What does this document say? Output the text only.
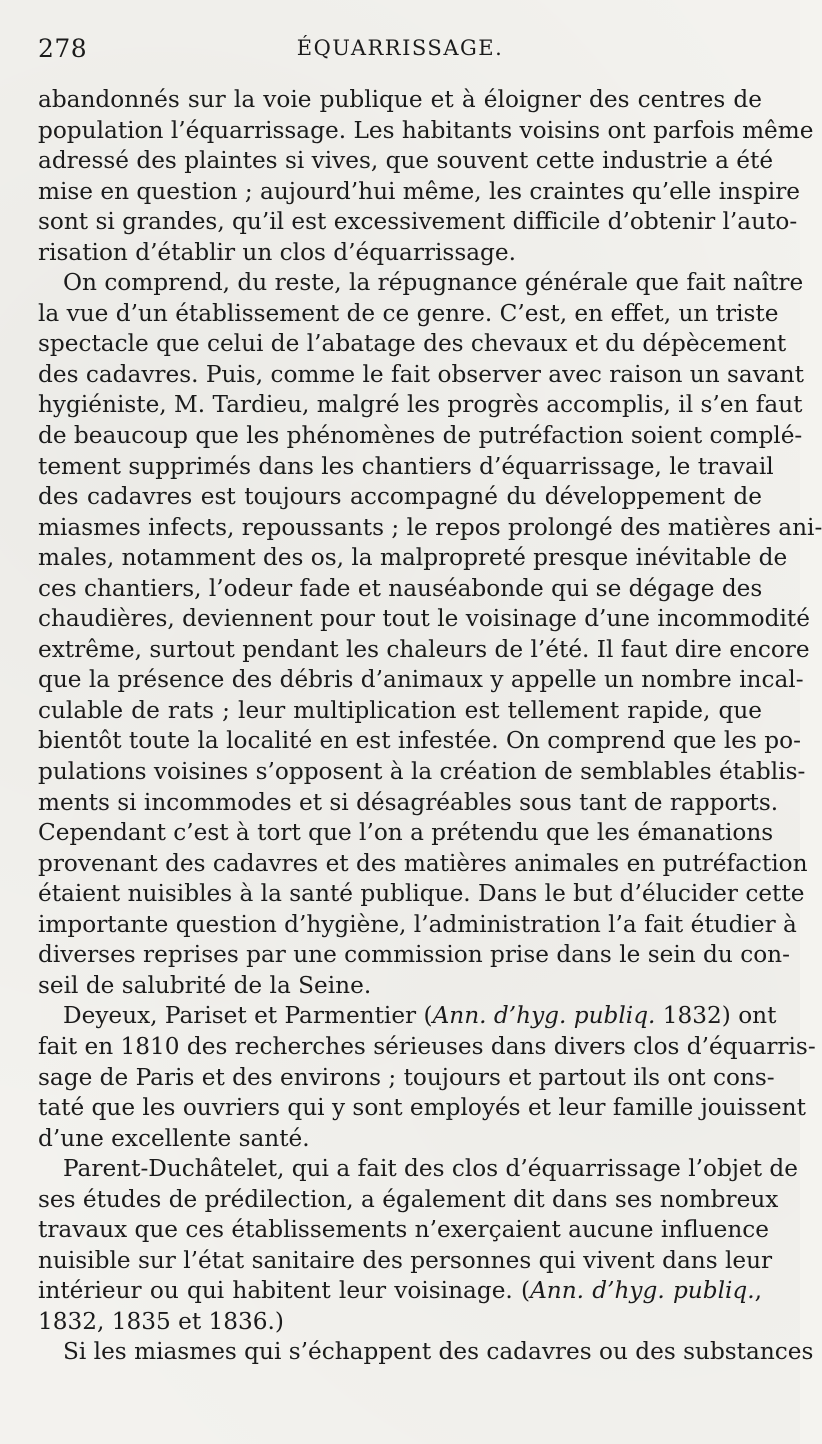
278	ÉQUARRISSAGE.
abandonnés sur la voie publique et à éloigner des centres de
population l’équarrissage. Les habitants voisins ont parfois même
adressé des plaintes si vives, que souvent cette industrie a été
mise en question ; aujourd’hui même, les craintes qu’elle inspire
sont si grandes, qu’il est excessivement difficile d’obtenir l’auto-
risation d’établir un clos d’équarrissage.
On comprend, du reste, la répugnance générale que fait naître
la vue d’un établissement de ce genre. C’est, en effet, un triste
spectacle que celui de l’abatage des chevaux et du dépècement
des cadavres. Puis, comme le fait observer avec raison un savant
hygiéniste, M. Tardieu, malgré les progrès accomplis, il s’en faut
de beaucoup que les phénomènes de putréfaction soient complé-
tement supprimés dans les chantiers d’équarrissage, le travail
des cadavres est toujours accompagné du développement de
miasmes infects, repoussants ; le repos prolongé des matières ani-
males, notamment des os, la malpropreté presque inévitable de
ces chantiers, l’odeur fade et nauséabonde qui se dégage des
chaudières, deviennent pour tout le voisinage d’une incommodité
extrême, surtout pendant les chaleurs de l’été. Il faut dire encore
que la présence des débris d’animaux y appelle un nombre incal-
culable de rats ; leur multiplication est tellement rapide, que
bientôt toute la localité en est infestée. On comprend que les po-
pulations voisines s’opposent à la création de semblables établis-
ments si incommodes et si désagréables sous tant de rapports.
Cependant c’est à tort que l’on a prétendu que les émanations
provenant des cadavres et des matières animales en putréfaction
étaient nuisibles à la santé publique. Dans le but d’élucider cette
importante question d’hygiène, l’administration l’a fait étudier à
diverses reprises par une commission prise dans le sein du con-
seil de salubrité de la Seine.
Deyeux, Pariset et Parmentier (Ann. d’hyg. publiq. 1832) ont
fait en 1810 des recherches sérieuses dans divers clos d’équarris-
sage de Paris et des environs ; toujours et partout ils ont cons-
taté que les ouvriers qui y sont employés et leur famille jouissent
d’une excellente santé.
Parent-Duchâtelet, qui a fait des clos d’équarrissage l’objet de
ses études de prédilection, a également dit dans ses nombreux
travaux que ces établissements n’exerçaient aucune influence
nuisible sur l’état sanitaire des personnes qui vivent dans leur
intérieur ou qui habitent leur voisinage. (Ann. d’hyg. publiq.,
1832, 1835 et 1836.)
Si les miasmes qui s’échappent des cadavres ou des substances
